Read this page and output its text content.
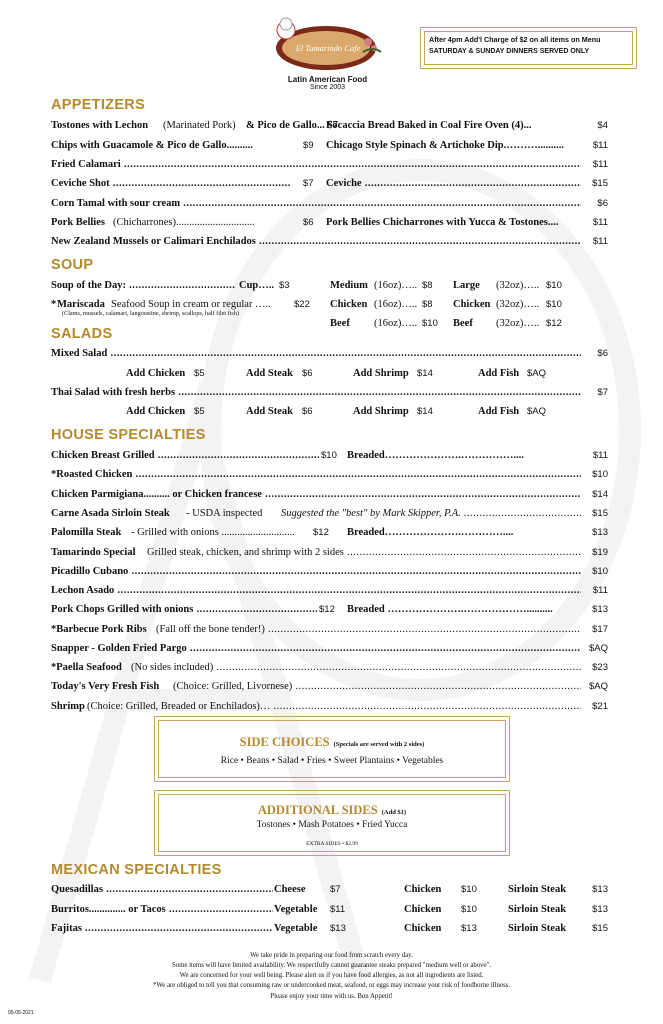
El Tamarindo Cafe
Latin American Food
Since 2003
After 4pm Add'l Charge of $2 on all items on Menu
SATURDAY & SUNDAY DINNERS SERVED ONLY
APPETIZERS
Tostones with Lechon (Marinated Pork) & Pico de Gallo... $7
Focaccia Bread Baked in Coal Fire Oven (4)...	$4
Chips with Guacamole & Pico de Gallo..........	$9 Chicago Style Spinach & Artichoke Dip.………..........	$11
Fried Calamari .....	$11
Ceviche Shot .....	$7 Ceviche .....	$15
Corn Tamal with sour cream .....	$6
Pork Bellies (Chicharrones)..............................	$6 Pork Bellies Chicharrones with Yucca & Tostones....	$11
New Zealand Mussels or Calimari Enchilados .....	$11
SOUP
Soup of the Day: .....	Cup….. $3	Medium (16oz)….. $8 Large (32oz)….. $10
* Mariscada Seafood Soup in cream or regular ….. $22 Chicken (16oz)….. $8 Chicken (32oz)….. $10
(Clams, mussels, calamari, langoustine, shrimp, scallops, half filet fish)
Beef (16oz)….. $10 Beef (32oz)….. $12
SALADS
Mixed Salad .....	$6
Add Chicken $5	Add Steak $6	Add Shrimp $14	Add Fish $AQ
Thai Salad with fresh herbs .....	$7
Add Chicken $5	Add Steak $6	Add Shrimp $14	Add Fish $AQ
HOUSE SPECIALTIES
Chicken Breast Grilled .....	$10 Breaded………………….……………....	$11
*Roasted Chicken .....	$10
Chicken Parmigiana.......... or Chicken francese .....	$14
Carne Asada Sirloin Steak - USDA inspected Suggested the "best" by Mark Skipper, P.A. .....	$15
Palomilla Steak - Grilled with onions ............................ $12 Breaded………………….…………....	$13
Tamarindo Special Grilled steak, chicken, and shrimp with 2 sides .....	$19
Picadillo Cubano .....	$10
Lechon Asado .....	$11
Pork Chops Grilled with onions .....	$12 Breaded ………………….………………..........	$13
*Barbecue Pork Ribs (Fall off the bone tender!) .....	$17
Snapper - Golden Fried Pargo .....	$AQ
*Paella Seafood (No sides included) .....	$23
Today's Very Fresh Fish (Choice: Grilled, Livornese) .....	$AQ
Shrimp (Choice: Grilled, Breaded or Enchilados)… .....	$21
SIDE CHOICES (Specials are served with 2 sides)
Rice • Beans • Salad • Fries • Sweet Plantains • Vegetables
ADDITIONAL SIDES (Add $1)
Tostones • Mash Potatoes • Fried Yucca
EXTRA SIDES • $2.99
MEXICAN SPECIALTIES
Quesadillas .....	Cheese	$7	Chicken $10	Sirloin Steak	$13
Burritos.............. or Tacos .....	Vegetable $11	Chicken $10	Sirloin Steak	$13
Fajitas .....	Vegetable $13	Chicken $13	Sirloin Steak	$15
We take pride in preparing our food from scratch every day.
Some items will have limited availability. We respectfully cannot guarantee steaks prepared "medium well or above".
We are concerned for your well being. Please alert us if you have food allergies, as not all ingredients are listed.
*We are obliged to tell you that consuming raw or undercooked meat, seafood, or eggs may increase your risk of foodborne illness.
Please enjoy your time with us. Bon Appetit!
05-05-2021
